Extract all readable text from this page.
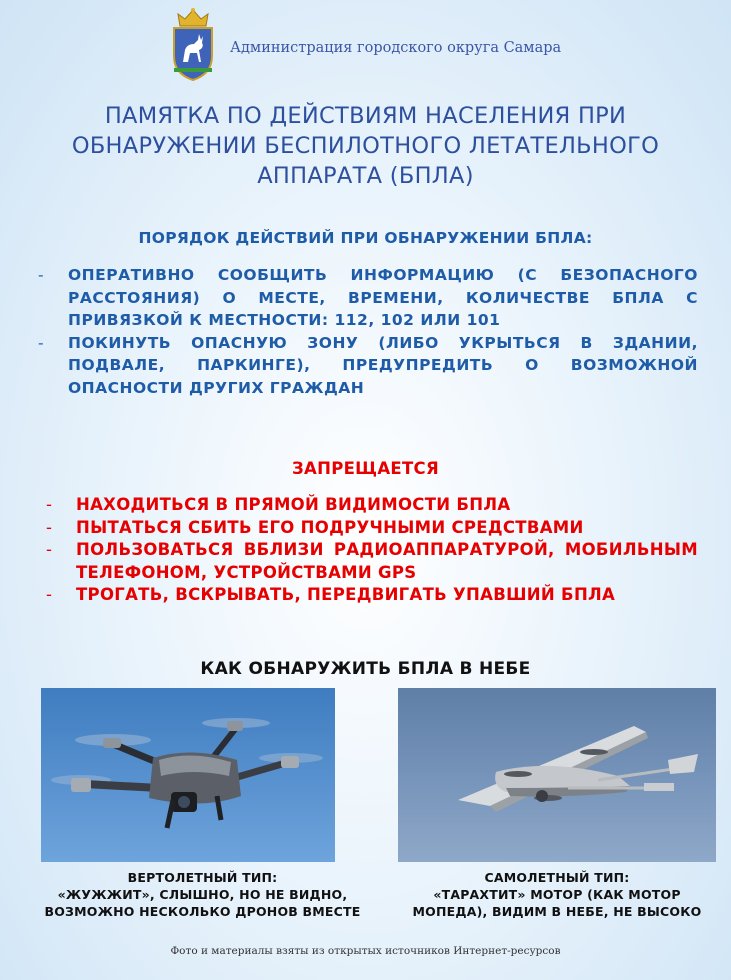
Администрация городского округа Самара
ПАМЯТКА ПО ДЕЙСТВИЯМ НАСЕЛЕНИЯ ПРИ
ОБНАРУЖЕНИИ БЕСПИЛОТНОГО ЛЕТАТЕЛЬНОГО
АППАРАТА (БПЛА)
ПОРЯДОК ДЕЙСТВИЙ ПРИ ОБНАРУЖЕНИИ БПЛА:
- ОПЕРАТИВНО СООБЩИТЬ ИНФОРМАЦИЮ (С БЕЗОПАСНОГО РАССТОЯНИЯ) О МЕСТЕ, ВРЕМЕНИ, КОЛИЧЕСТВЕ БПЛА С ПРИВЯЗКОЙ К МЕСТНОСТИ: 112, 102 ИЛИ 101
- ПОКИНУТЬ ОПАСНУЮ ЗОНУ (ЛИБО УКРЫТЬСЯ В ЗДАНИИ, ПОДВАЛЕ, ПАРКИНГЕ), ПРЕДУПРЕДИТЬ О ВОЗМОЖНОЙ ОПАСНОСТИ ДРУГИХ ГРАЖДАН
ЗАПРЕЩАЕТСЯ
- НАХОДИТЬСЯ В ПРЯМОЙ ВИДИМОСТИ БПЛА
- ПЫТАТЬСЯ СБИТЬ ЕГО ПОДРУЧНЫМИ СРЕДСТВАМИ
- ПОЛЬЗОВАТЬСЯ ВБЛИЗИ РАДИОАППАРАТУРОЙ, МОБИЛЬНЫМ ТЕЛЕФОНОМ, УСТРОЙСТВАМИ GPS
- ТРОГАТЬ, ВСКРЫВАТЬ, ПЕРЕДВИГАТЬ УПАВШИЙ БПЛА
КАК ОБНАРУЖИТЬ БПЛА В НЕБЕ
ВЕРТОЛЕТНЫЙ ТИП:
«ЖУЖЖИТ», СЛЫШНО, НО НЕ ВИДНО,
ВОЗМОЖНО НЕСКОЛЬКО ДРОНОВ ВМЕСТЕ
САМОЛЕТНЫЙ ТИП:
«ТАРАХТИТ» МОТОР (КАК МОТОР
МОПЕДА), ВИДИМ В НЕБЕ, НЕ ВЫСОКО
Фото и материалы взяты из открытых источников Интернет-ресурсов
